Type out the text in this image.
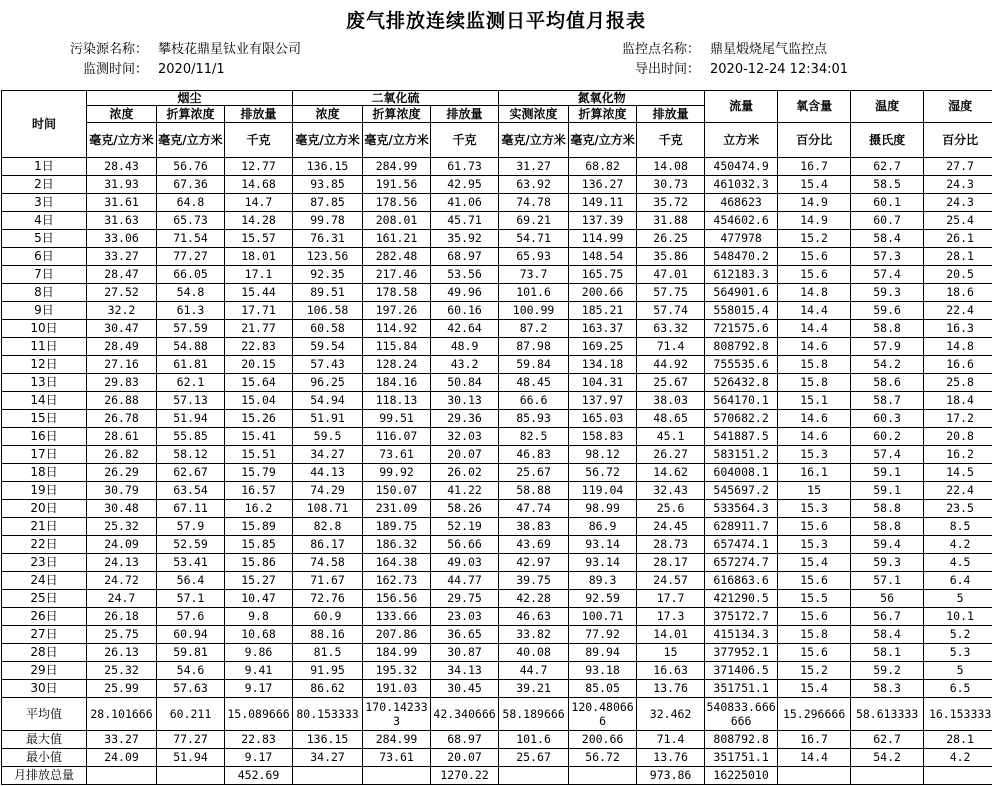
废气排放连续监测日平均值月报表
污染源名称： 攀枝花鼎星钛业有限公司
监测时间： 2020/11/1
监控点名称： 鼎星煅烧尾气监控点
导出时间： 2020-12-24 12:34:01
时间	烟尘			二氧化硫			氮氧化物			流量	氧含量	温度	湿度
	浓度	折算浓度	排放量	浓度	折算浓度	排放量	实测浓度	折算浓度	排放量				
	毫克/立方米	毫克/立方米	千克	毫克/立方米	毫克/立方米	千克	毫克/立方米	毫克/立方米	千克	立方米	百分比	摄氏度	百分比
1日	28.43	56.76	12.77	136.15	284.99	61.73	31.27	68.82	14.08	450474.9	16.7	62.7	27.7
2日	31.93	67.36	14.68	93.85	191.56	42.95	63.92	136.27	30.73	461032.3	15.4	58.5	24.3
3日	31.61	64.8	14.7	87.85	178.56	41.06	74.78	149.11	35.72	468623	14.9	60.1	24.3
4日	31.63	65.73	14.28	99.78	208.01	45.71	69.21	137.39	31.88	454602.6	14.9	60.7	25.4
5日	33.06	71.54	15.57	76.31	161.21	35.92	54.71	114.99	26.25	477978	15.2	58.4	26.1
6日	33.27	77.27	18.01	123.56	282.48	68.97	65.93	148.54	35.86	548470.2	15.6	57.3	28.1
7日	28.47	66.05	17.1	92.35	217.46	53.56	73.7	165.75	47.01	612183.3	15.6	57.4	20.5
8日	27.52	54.8	15.44	89.51	178.58	49.96	101.6	200.66	57.75	564901.6	14.8	59.3	18.6
9日	32.2	61.3	17.71	106.58	197.26	60.16	100.99	185.21	57.74	558015.4	14.4	59.6	22.4
10日	30.47	57.59	21.77	60.58	114.92	42.64	87.2	163.37	63.32	721575.6	14.4	58.8	16.3
11日	28.49	54.88	22.83	59.54	115.84	48.9	87.98	169.25	71.4	808792.8	14.6	57.9	14.8
12日	27.16	61.81	20.15	57.43	128.24	43.2	59.84	134.18	44.92	755535.6	15.8	54.2	16.6
13日	29.83	62.1	15.64	96.25	184.16	50.84	48.45	104.31	25.67	526432.8	15.8	58.6	25.8
14日	26.88	57.13	15.04	54.94	118.13	30.13	66.6	137.97	38.03	564170.1	15.1	58.7	18.4
15日	26.78	51.94	15.26	51.91	99.51	29.36	85.93	165.03	48.65	570682.2	14.6	60.3	17.2
16日	28.61	55.85	15.41	59.5	116.07	32.03	82.5	158.83	45.1	541887.5	14.6	60.2	20.8
17日	26.82	58.12	15.51	34.27	73.61	20.07	46.83	98.12	26.27	583151.2	15.3	57.4	16.2
18日	26.29	62.67	15.79	44.13	99.92	26.02	25.67	56.72	14.62	604008.1	16.1	59.1	14.5
19日	30.79	63.54	16.57	74.29	150.07	41.22	58.88	119.04	32.43	545697.2	15	59.1	22.4
20日	30.48	67.11	16.2	108.71	231.09	58.26	47.74	98.99	25.6	533564.3	15.3	58.8	23.5
21日	25.32	57.9	15.89	82.8	189.75	52.19	38.83	86.9	24.45	628911.7	15.6	58.8	8.5
22日	24.09	52.59	15.85	86.17	186.32	56.66	43.69	93.14	28.73	657474.1	15.3	59.4	4.2
23日	24.13	53.41	15.86	74.58	164.38	49.03	42.97	93.14	28.17	657274.7	15.4	59.3	4.5
24日	24.72	56.4	15.27	71.67	162.73	44.77	39.75	89.3	24.57	616863.6	15.6	57.1	6.4
25日	24.7	57.1	10.47	72.76	156.56	29.75	42.28	92.59	17.7	421290.5	15.5	56	5
26日	26.18	57.6	9.8	60.9	133.66	23.03	46.63	100.71	17.3	375172.7	15.6	56.7	10.1
27日	25.75	60.94	10.68	88.16	207.86	36.65	33.82	77.92	14.01	415134.3	15.8	58.4	5.2
28日	26.13	59.81	9.86	81.5	184.99	30.87	40.08	89.94	15	377952.1	15.6	58.1	5.3
29日	25.32	54.6	9.41	91.95	195.32	34.13	44.7	93.18	16.63	371406.5	15.2	59.2	5
30日	25.99	57.63	9.17	86.62	191.03	30.45	39.21	85.05	13.76	351751.1	15.4	58.3	6.5
平均值	28.101666	60.211	15.089666	80.153333	170.142333	42.340666	58.189666	120.480666	32.462	540833.666666	15.296666	58.613333	16.153333
最大值	33.27	77.27	22.83	136.15	284.99	68.97	101.6	200.66	71.4	808792.8	16.7	62.7	28.1
最小值	24.09	51.94	9.17	34.27	73.61	20.07	25.67	56.72	13.76	351751.1	14.4	54.2	4.2
月排放总量			452.69			1270.22			973.86	16225010			
